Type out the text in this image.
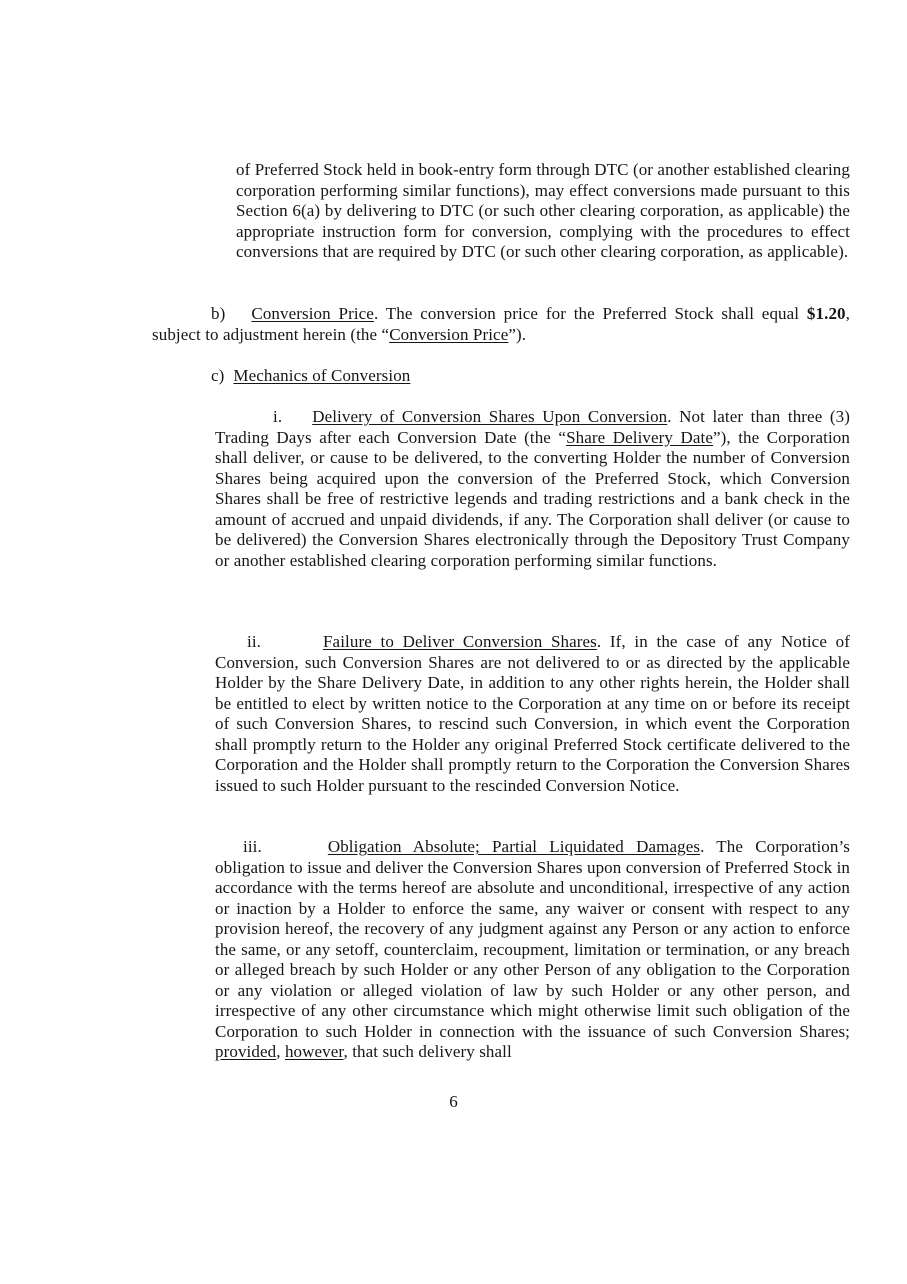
of Preferred Stock held in book-entry form through DTC (or another established clearing corporation performing similar functions), may effect conversions made pursuant to this Section 6(a) by delivering to DTC (or such other clearing corporation, as applicable) the appropriate instruction form for conversion, complying with the procedures to effect conversions that are required by DTC (or such other clearing corporation, as applicable).

b) Conversion Price. The conversion price for the Preferred Stock shall equal $1.20, subject to adjustment herein (the “Conversion Price”).

c) Mechanics of Conversion

i. Delivery of Conversion Shares Upon Conversion. Not later than three (3) Trading Days after each Conversion Date (the “Share Delivery Date”), the Corporation shall deliver, or cause to be delivered, to the converting Holder the number of Conversion Shares being acquired upon the conversion of the Preferred Stock, which Conversion Shares shall be free of restrictive legends and trading restrictions and a bank check in the amount of accrued and unpaid dividends, if any. The Corporation shall deliver (or cause to be delivered) the Conversion Shares electronically through the Depository Trust Company or another established clearing corporation performing similar functions.

ii.	Failure to Deliver Conversion Shares. If, in the case of any Notice of Conversion, such Conversion Shares are not delivered to or as directed by the applicable Holder by the Share Delivery Date, in addition to any other rights herein, the Holder shall be entitled to elect by written notice to the Corporation at any time on or before its receipt of such Conversion Shares, to rescind such Conversion, in which event the Corporation shall promptly return to the Holder any original Preferred Stock certificate delivered to the Corporation and the Holder shall promptly return to the Corporation the Conversion Shares issued to such Holder pursuant to the rescinded Conversion Notice.

iii.	Obligation Absolute; Partial Liquidated Damages. The Corporation’s obligation to issue and deliver the Conversion Shares upon conversion of Preferred Stock in accordance with the terms hereof are absolute and unconditional, irrespective of any action or inaction by a Holder to enforce the same, any waiver or consent with respect to any provision hereof, the recovery of any judgment against any Person or any action to enforce the same, or any setoff, counterclaim, recoupment, limitation or termination, or any breach or alleged breach by such Holder or any other Person of any obligation to the Corporation or any violation or alleged violation of law by such Holder or any other person, and irrespective of any other circumstance which might otherwise limit such obligation of the Corporation to such Holder in connection with the issuance of such Conversion Shares; provided, however, that such delivery shall

6
